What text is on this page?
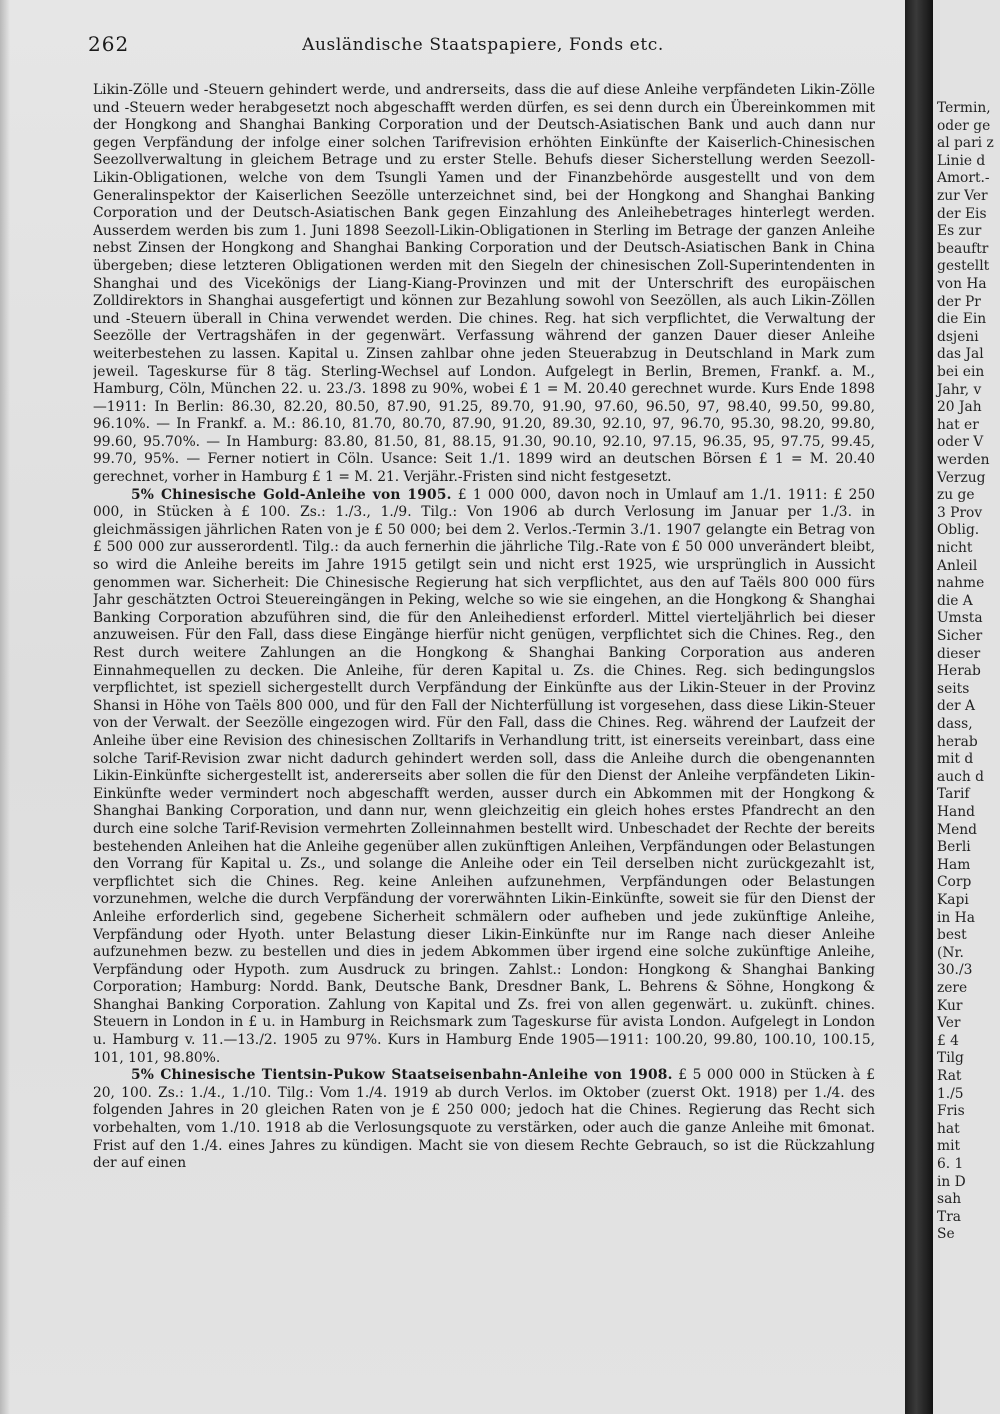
262	Ausländische Staatspapiere, Fonds etc.

Likin-Zölle und -Steuern gehindert werde, und andrerseits, dass die auf diese Anleihe verpfändeten Likin-Zölle und -Steuern weder herabgesetzt noch abgeschafft werden dürfen, es sei denn durch ein Übereinkommen mit der Hongkong and Shanghai Banking Corporation und der Deutsch-Asiatischen Bank und auch dann nur gegen Verpfändung der infolge einer solchen Tarifrevision erhöhten Einkünfte der Kaiserlich-Chinesischen Seezollverwaltung in gleichem Betrage und zu erster Stelle. Behufs dieser Sicherstellung werden Seezoll-Likin-Obligationen, welche von dem Tsungli Yamen und der Finanzbehörde ausgestellt und von dem Generalinspektor der Kaiserlichen Seezölle unterzeichnet sind, bei der Hongkong and Shanghai Banking Corporation und der Deutsch-Asiatischen Bank gegen Einzahlung des Anleihebetrages hinterlegt werden. Ausserdem werden bis zum 1. Juni 1898 Seezoll-Likin-Obligationen in Sterling im Betrage der ganzen Anleihe nebst Zinsen der Hongkong and Shanghai Banking Corporation und der Deutsch-Asiatischen Bank in China übergeben; diese letzteren Obligationen werden mit den Siegeln der chinesischen Zoll-Superintendenten in Shanghai und des Vicekönigs der Liang-Kiang-Provinzen und mit der Unterschrift des europäischen Zolldirektors in Shanghai ausgefertigt und können zur Bezahlung sowohl von Seezöllen, als auch Likin-Zöllen und -Steuern überall in China verwendet werden. Die chines. Reg. hat sich verpflichtet, die Verwaltung der Seezölle der Vertragshäfen in der gegenwärt. Verfassung während der ganzen Dauer dieser Anleihe weiterbestehen zu lassen. Kapital u. Zinsen zahlbar ohne jeden Steuerabzug in Deutschland in Mark zum jeweil. Tageskurse für 8 täg. Sterling-Wechsel auf London. Aufgelegt in Berlin, Bremen, Frankf. a. M., Hamburg, Cöln, München 22. u. 23./3. 1898 zu 90%, wobei £ 1 = M. 20.40 gerechnet wurde. Kurs Ende 1898—1911: In Berlin: 86.30, 82.20, 80.50, 87.90, 91.25, 89.70, 91.90, 97.60, 96.50, 97, 98.40, 99.50, 99.80, 96.10%. — In Frankf. a. M.: 86.10, 81.70, 80.70, 87.90, 91.20, 89.30, 92.10, 97, 96.70, 95.30, 98.20, 99.80, 99.60, 95.70%. — In Hamburg: 83.80, 81.50, 81, 88.15, 91.30, 90.10, 92.10, 97.15, 96.35, 95, 97.75, 99.45, 99.70, 95%. — Ferner notiert in Cöln. Usance: Seit 1./1. 1899 wird an deutschen Börsen £ 1 = M. 20.40 gerechnet, vorher in Hamburg £ 1 = M. 21. Verjähr.-Fristen sind nicht festgesetzt.

5% Chinesische Gold-Anleihe von 1905. £ 1 000 000, davon noch in Umlauf am 1./1. 1911: £ 250 000, in Stücken à £ 100. Zs.: 1./3., 1./9. Tilg.: Von 1906 ab durch Verlosung im Januar per 1./3. in gleichmässigen jährlichen Raten von je £ 50 000; bei dem 2. Verlos.-Termin 3./1. 1907 gelangte ein Betrag von £ 500 000 zur ausserordentl. Tilg.: da auch fernerhin die jährliche Tilg.-Rate von £ 50 000 unverändert bleibt, so wird die Anleihe bereits im Jahre 1915 getilgt sein und nicht erst 1925, wie ursprünglich in Aussicht genommen war. Sicherheit: Die Chinesische Regierung hat sich verpflichtet, aus den auf Taëls 800 000 fürs Jahr geschätzten Octroi Steuereingängen in Peking, welche so wie sie eingehen, an die Hongkong & Shanghai Banking Corporation abzuführen sind, die für den Anleihedienst erforderl. Mittel vierteljährlich bei dieser anzuweisen. Für den Fall, dass diese Eingänge hierfür nicht genügen, verpflichtet sich die Chines. Reg., den Rest durch weitere Zahlungen an die Hongkong & Shanghai Banking Corporation aus anderen Einnahmequellen zu decken. Die Anleihe, für deren Kapital u. Zs. die Chines. Reg. sich bedingungslos verpflichtet, ist speziell sichergestellt durch Verpfändung der Einkünfte aus der Likin-Steuer in der Provinz Shansi in Höhe von Taëls 800 000, und für den Fall der Nichterfüllung ist vorgesehen, dass diese Likin-Steuer von der Verwalt. der Seezölle eingezogen wird. Für den Fall, dass die Chines. Reg. während der Laufzeit der Anleihe über eine Revision des chinesischen Zolltarifs in Verhandlung tritt, ist einerseits vereinbart, dass eine solche Tarif-Revision zwar nicht dadurch gehindert werden soll, dass die Anleihe durch die obengenannten Likin-Einkünfte sichergestellt ist, andererseits aber sollen die für den Dienst der Anleihe verpfändeten Likin-Einkünfte weder vermindert noch abgeschafft werden, ausser durch ein Abkommen mit der Hongkong & Shanghai Banking Corporation, und dann nur, wenn gleichzeitig ein gleich hohes erstes Pfandrecht an den durch eine solche Tarif-Revision vermehrten Zolleinnahmen bestellt wird. Unbeschadet der Rechte der bereits bestehenden Anleihen hat die Anleihe gegenüber allen zukünftigen Anleihen, Verpfändungen oder Belastungen den Vorrang für Kapital u. Zs., und solange die Anleihe oder ein Teil derselben nicht zurückgezahlt ist, verpflichtet sich die Chines. Reg. keine Anleihen aufzunehmen, Verpfändungen oder Belastungen vorzunehmen, welche die durch Verpfändung der vorerwähnten Likin-Einkünfte, soweit sie für den Dienst der Anleihe erforderlich sind, gegebene Sicherheit schmälern oder aufheben und jede zukünftige Anleihe, Verpfändung oder Hyoth. unter Belastung dieser Likin-Einkünfte nur im Range nach dieser Anleihe aufzunehmen bezw. zu bestellen und dies in jedem Abkommen über irgend eine solche zukünftige Anleihe, Verpfändung oder Hypoth. zum Ausdruck zu bringen. Zahlst.: London: Hongkong & Shanghai Banking Corporation; Hamburg: Nordd. Bank, Deutsche Bank, Dresdner Bank, L. Behrens & Söhne, Hongkong & Shanghai Banking Corporation. Zahlung von Kapital und Zs. frei von allen gegenwärt. u. zukünft. chines. Steuern in London in £ u. in Hamburg in Reichsmark zum Tageskurse für avista London. Aufgelegt in London u. Hamburg v. 11.—13./2. 1905 zu 97%. Kurs in Hamburg Ende 1905—1911: 100.20, 99.80, 100.10, 100.15, 101, 101, 98.80%.

5% Chinesische Tientsin-Pukow Staatseisenbahn-Anleihe von 1908. £ 5 000 000 in Stücken à £ 20, 100. Zs.: 1./4., 1./10. Tilg.: Vom 1./4. 1919 ab durch Verlos. im Oktober (zuerst Okt. 1918) per 1./4. des folgenden Jahres in 20 gleichen Raten von je £ 250 000; jedoch hat die Chines. Regierung das Recht sich vorbehalten, vom 1./10. 1918 ab die Verlosungsquote zu verstärken, oder auch die ganze Anleihe mit 6monat. Frist auf den 1./4. eines Jahres zu kündigen. Macht sie von diesem Rechte Gebrauch, so ist die Rückzahlung der auf einen

Termin,
oder ge
al pari z
Linie d
Amort.-
zur Ver
der Eis
Es zur
beauftr
gestellt
von Ha
der Pr
die Ein
dsjeni
das Jal
bei ein
Jahr, v
20 Jah
hat er
oder V
werden
Verzug
zu ge
3 Prov
Oblig.
nicht
Anleil
nahme
die A
Umsta
Sicher
dieser
Herab
seits
der A
dass,
herab
mit d
auch d
Tarif
Hand
Mend
Berli
Ham
Corp
Kapi
in Ha
best
(Nr.
30./3
zere
Kur
Ver
£ 4
Tilg
Rat
1./5
Fris
hat
mit
6. 1
in D
sah
Tra
Se
